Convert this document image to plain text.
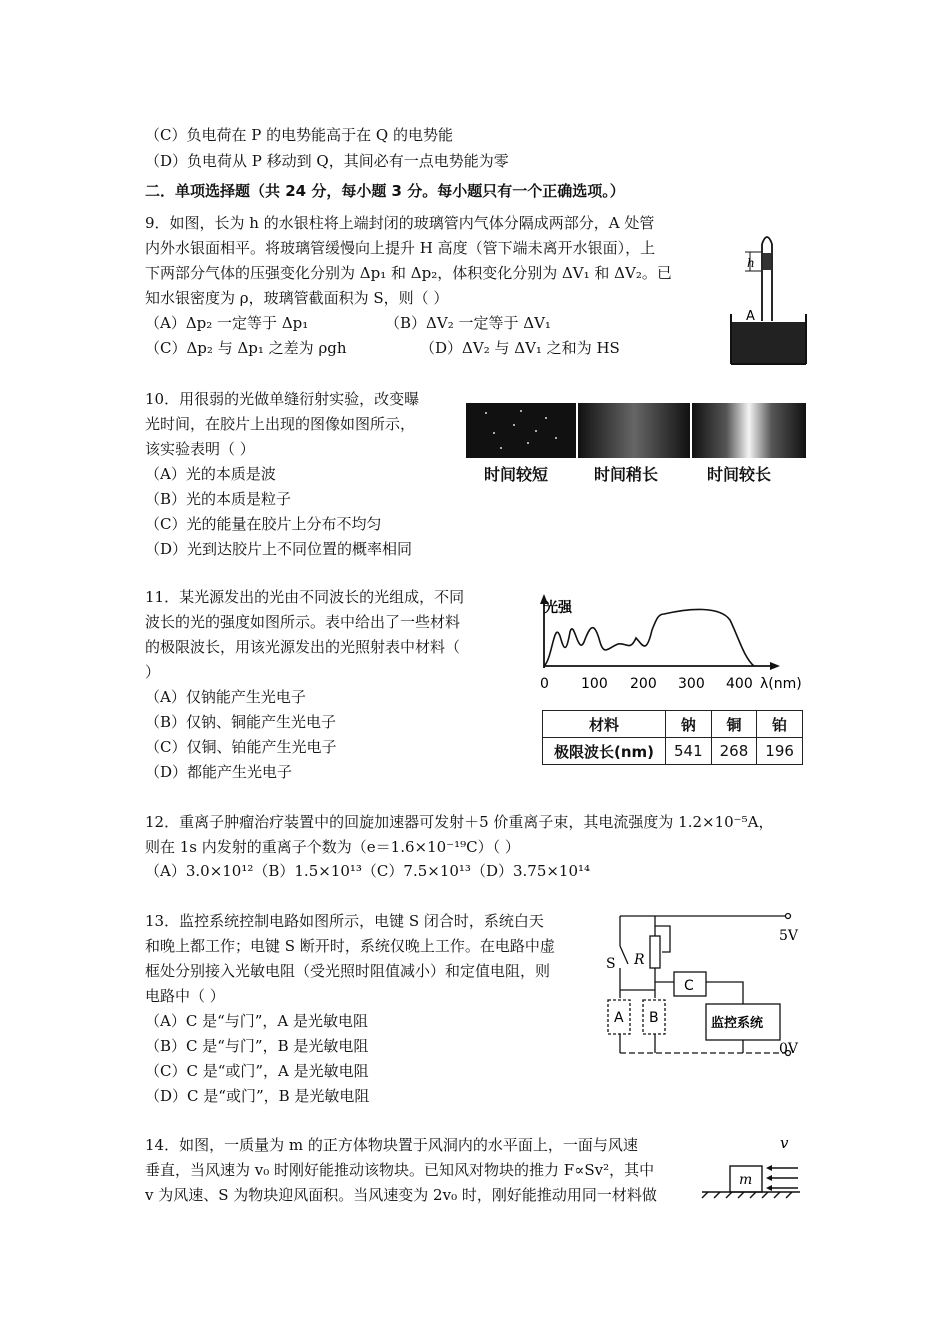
（C）负电荷在 P 的电势能高于在 Q 的电势能
（D）负电荷从 P 移动到 Q，其间必有一点电势能为零
二．单项选择题（共 24 分，每小题 3 分。每小题只有一个正确选项。）
9．如图，长为 h 的水银柱将上端封闭的玻璃管内气体分隔成两部分，A 处管
内外水银面相平。将玻璃管缓慢向上提升 H 高度（管下端未离开水银面），上
下两部分气体的压强变化分别为 Δp₁ 和 Δp₂，体积变化分别为 ΔV₁ 和 ΔV₂。已
知水银密度为 ρ，玻璃管截面积为 S，则（ ）
（A）Δp₂ 一定等于 Δp₁	（B）ΔV₂ 一定等于 ΔV₁
（C）Δp₂ 与 Δp₁ 之差为 ρgh	（D）ΔV₂ 与 ΔV₁ 之和为 HS
h
A
10．用很弱的光做单缝衍射实验，改变曝
光时间，在胶片上出现的图像如图所示，
该实验表明（ ）
（A）光的本质是波
（B）光的本质是粒子
（C）光的能量在胶片上分布不均匀
（D）光到达胶片上不同位置的概率相同
时间较短	时间稍长	时间较长
11．某光源发出的光由不同波长的光组成，不同
波长的光的强度如图所示。表中给出了一些材料
的极限波长，用该光源发出的光照射表中材料（
）
（A）仅钠能产生光电子
（B）仅钠、铜能产生光电子
（C）仅铜、铂能产生光电子
（D）都能产生光电子
光强
0 100 200 300 400 λ(nm)
材料	钠	铜	铂
极限波长(nm)	541	268	196
12．重离子肿瘤治疗装置中的回旋加速器可发射＋5 价重离子束，其电流强度为 1.2×10⁻⁵A，
则在 1s 内发射的重离子个数为（e＝1.6×10⁻¹⁹C）（ ）
（A）3.0×10¹²（B）1.5×10¹³（C）7.5×10¹³（D）3.75×10¹⁴
13．监控系统控制电路如图所示，电键 S 闭合时，系统白天
和晚上都工作；电键 S 断开时，系统仅晚上工作。在电路中虚
框处分别接入光敏电阻（受光照时阻值减小）和定值电阻，则
电路中（ ）
（A）C 是“与门”，A 是光敏电阻
（B）C 是“与门”，B 是光敏电阻
（C）C 是“或门”，A 是光敏电阻
（D）C 是“或门”，B 是光敏电阻
5V
0V
S R
C
A B	监控系统
14．如图，一质量为 m 的正方体物块置于风洞内的水平面上，一面与风速
垂直，当风速为 v₀ 时刚好能推动该物块。已知风对物块的推力 F∝Sv²，其中
v 为风速、S 为物块迎风面积。当风速变为 2v₀ 时，刚好能推动用同一材料做
v
m
